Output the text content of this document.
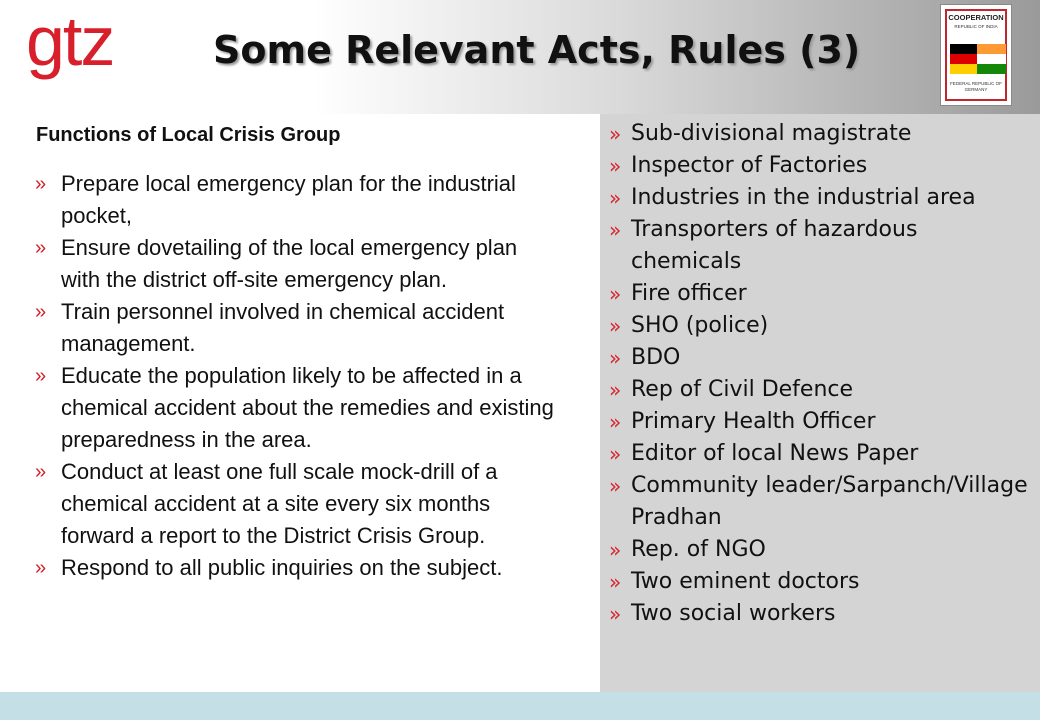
gtz	Some Relevant Acts, Rules (3)
COOPERATION
REPUBLIC OF INDIA
FEDERAL REPUBLIC OF GERMANY
Functions of Local Crisis Group
» Prepare local emergency plan for the industrial pocket,
» Ensure dovetailing of the local emergency plan with the district off-site emergency plan.
» Train personnel involved in chemical accident management.
» Educate the population likely to be affected in a chemical accident about the remedies and existing preparedness in the area.
» Conduct at least one full scale mock-drill of a chemical accident at a site every six months forward a report to the District Crisis Group.
» Respond to all public inquiries on the subject.
» Sub-divisional magistrate
» Inspector of Factories
» Industries in the industrial area
» Transporters of hazardous chemicals
» Fire officer
» SHO (police)
» BDO
» Rep of Civil Defence
» Primary Health Officer
» Editor of local News Paper
» Community leader/Sarpanch/Village Pradhan
» Rep. of NGO
» Two eminent doctors
» Two social workers
